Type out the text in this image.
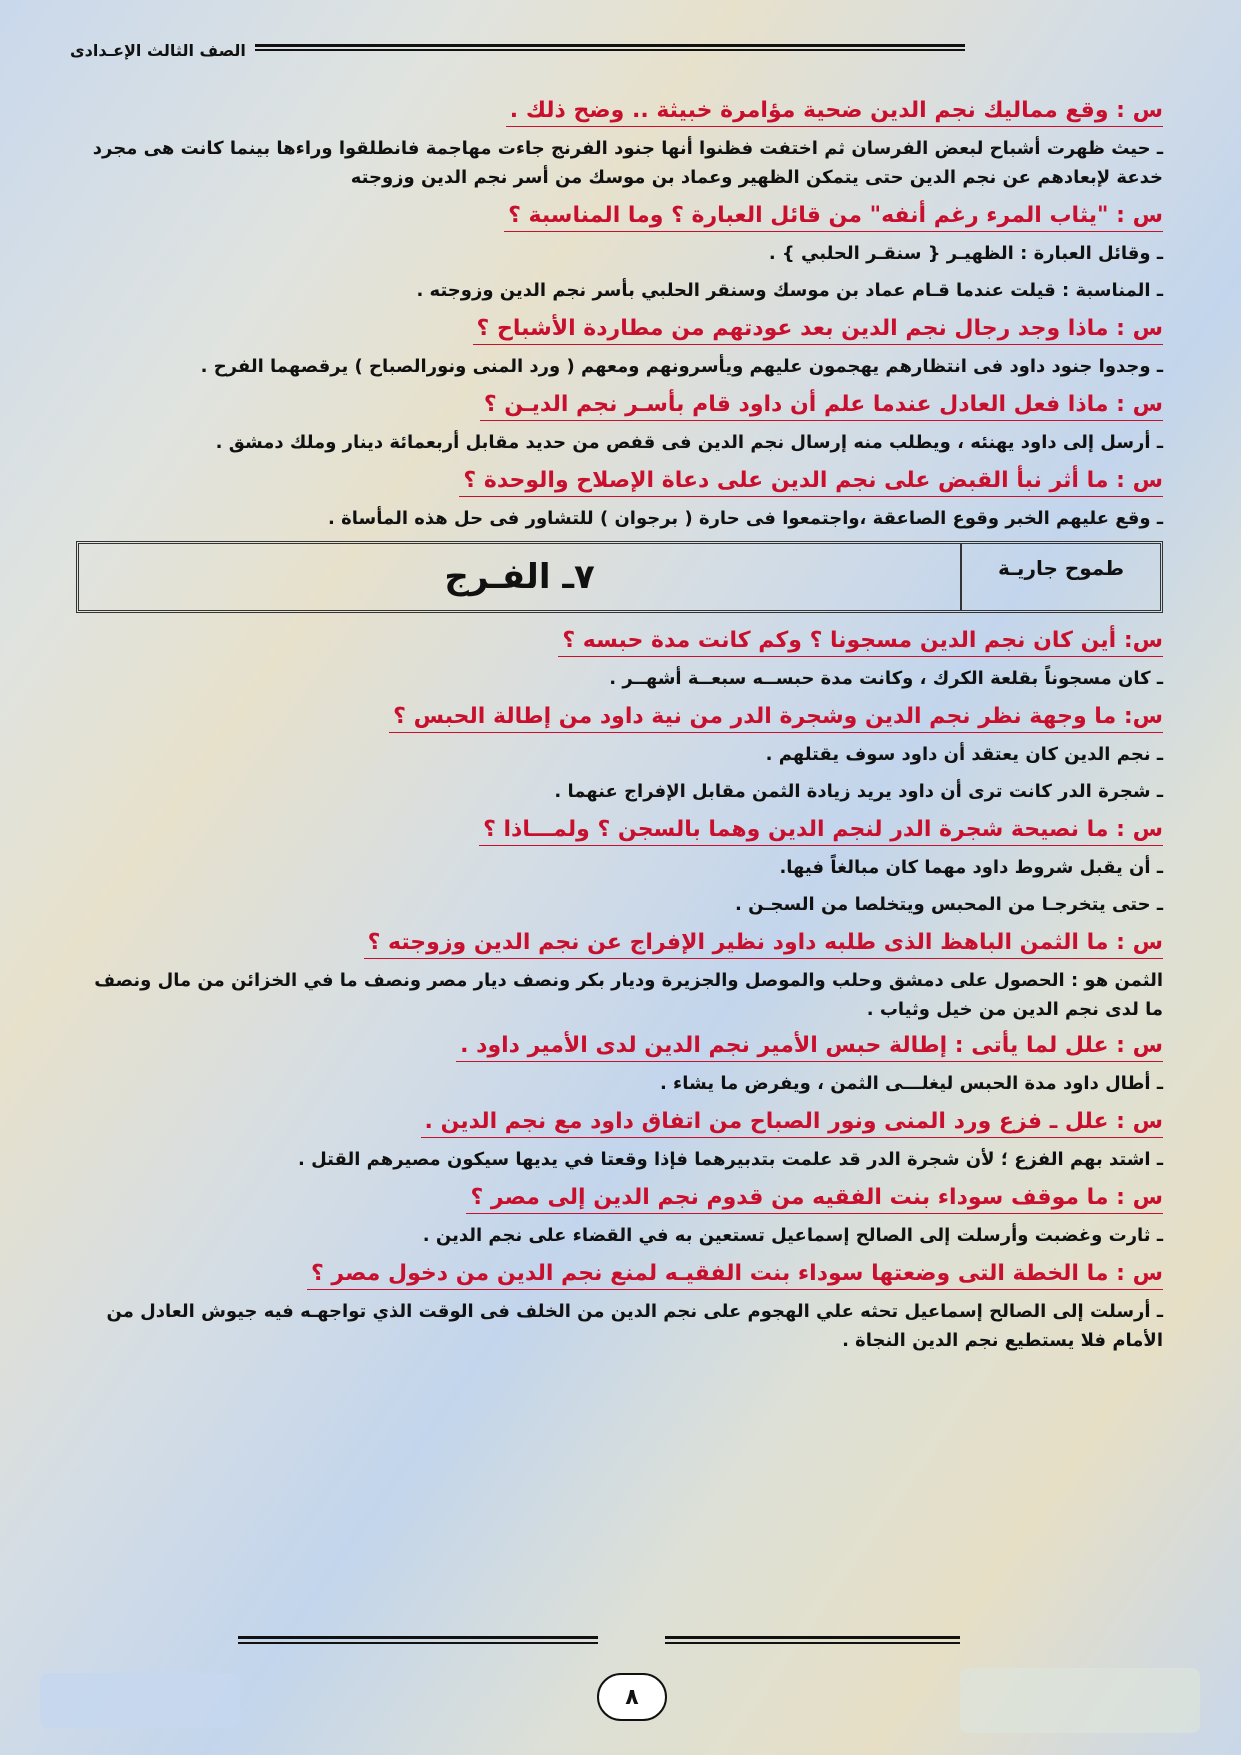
الصف الثالث الإعـدادى
س : وقع مماليك نجم الدين ضحية مؤامرة خبيثة .. وضح ذلك .

ـ حيث ظهرت أشباح لبعض الفرسان ثم اختفت فظنوا أنها جنود الفرنج جاءت مهاجمة فانطلقوا وراءها بينما كانت هى مجرد خدعة لإبعادهم عن نجم الدين حتى يتمكن الظهير وعماد بن موسك من أسر نجم الدين وزوجته

س : "يثاب المرء رغم أنفه" من قائل العبارة ؟ وما المناسبة ؟

ـ وقائل العبارة : الظهيـر { سنقـر الحلبي } .

ـ المناسبة : قيلت عندما قـام عماد بن موسك وسنقر الحلبي بأسر نجم الدين وزوجته .

س : ماذا وجد رجال نجم الدين بعد عودتهم من مطاردة الأشباح ؟

ـ وجدوا جنود داود فى انتظارهم يهجمون عليهم ويأسرونهم ومعهم ( ورد المنى ونورالصباح ) يرقصهما الفرح .

س : ماذا فعل العادل عندما علم أن داود قام بأسـر نجم الديـن ؟

ـ أرسل إلى داود يهنئه ، ويطلب منه إرسال نجم الدين فى قفص من حديد مقابل أربعمائة دينار وملك دمشق .

س : ما أثر نبأ القبض على نجم الدين على دعاة الإصلاح والوحدة ؟

ـ وقع عليهم الخبر وقوع الصاعقة ،واجتمعوا فى حارة ( برجوان ) للتشاور فى حل هذه المأساة .

طموح جاريـة
٧ـ الفـرج
س: أين كان نجم الدين مسجونا ؟ وكم كانت مدة حبسه ؟

ـ كان مسجوناً بقلعة الكرك ، وكانت مدة حبســه سبعــة أشهــر .

س: ما وجهة نظر نجم الدين وشجرة الدر من نية داود من إطالة الحبس ؟

ـ نجم الدين كان يعتقد أن داود سوف يقتلهم .

ـ شجرة الدر كانت ترى أن داود يريد زيادة الثمن مقابل الإفراج عنهما .

س : ما نصيحة شجرة الدر لنجم الدين وهما بالسجن ؟ ولمـــاذا ؟

ـ أن يقبل شروط داود مهما كان مبالغاً فيها.

ـ حتى يتخرجـا من المحبس ويتخلصا من السجـن .

س : ما الثمن الباهظ الذى طلبه داود نظير الإفراج عن نجم الدين وزوجته ؟

الثمن هو : الحصول على دمشق وحلب والموصل والجزيرة وديار بكر ونصف ديار مصر ونصف ما في الخزائن من مال ونصف ما لدى نجم الدين من خيل وثياب .

س : علل لما يأتى : إطالة حبس الأمير نجم الدين لدى الأمير داود .

ـ أطال داود مدة الحبس ليغلـــى الثمن ، ويفرض ما يشاء .

س : علل ـ فزع ورد المنى ونور الصباح من اتفاق داود مع نجم الدين .

ـ اشتد بهم الفزع ؛ لأن شجرة الدر قد علمت بتدبيرهما فإذا وقعتا في يديها سيكون مصيرهم القتل .

س : ما موقف سوداء بنت الفقيه من قدوم نجم الدين إلى مصر ؟

ـ ثارت وغضبت وأرسلت إلى الصالح إسماعيل تستعين به في القضاء على نجم الدين .

س : ما الخطة التى وضعتها سوداء بنت الفقيـه لمنع نجم الدين من دخول مصر ؟

ـ أرسلت إلى الصالح إسماعيل تحثه علي الهجوم على نجم الدين من الخلف فى الوقت الذي تواجهـه فيه جيوش العادل من الأمام فلا يستطيع نجم الدين النجاة .

٨
